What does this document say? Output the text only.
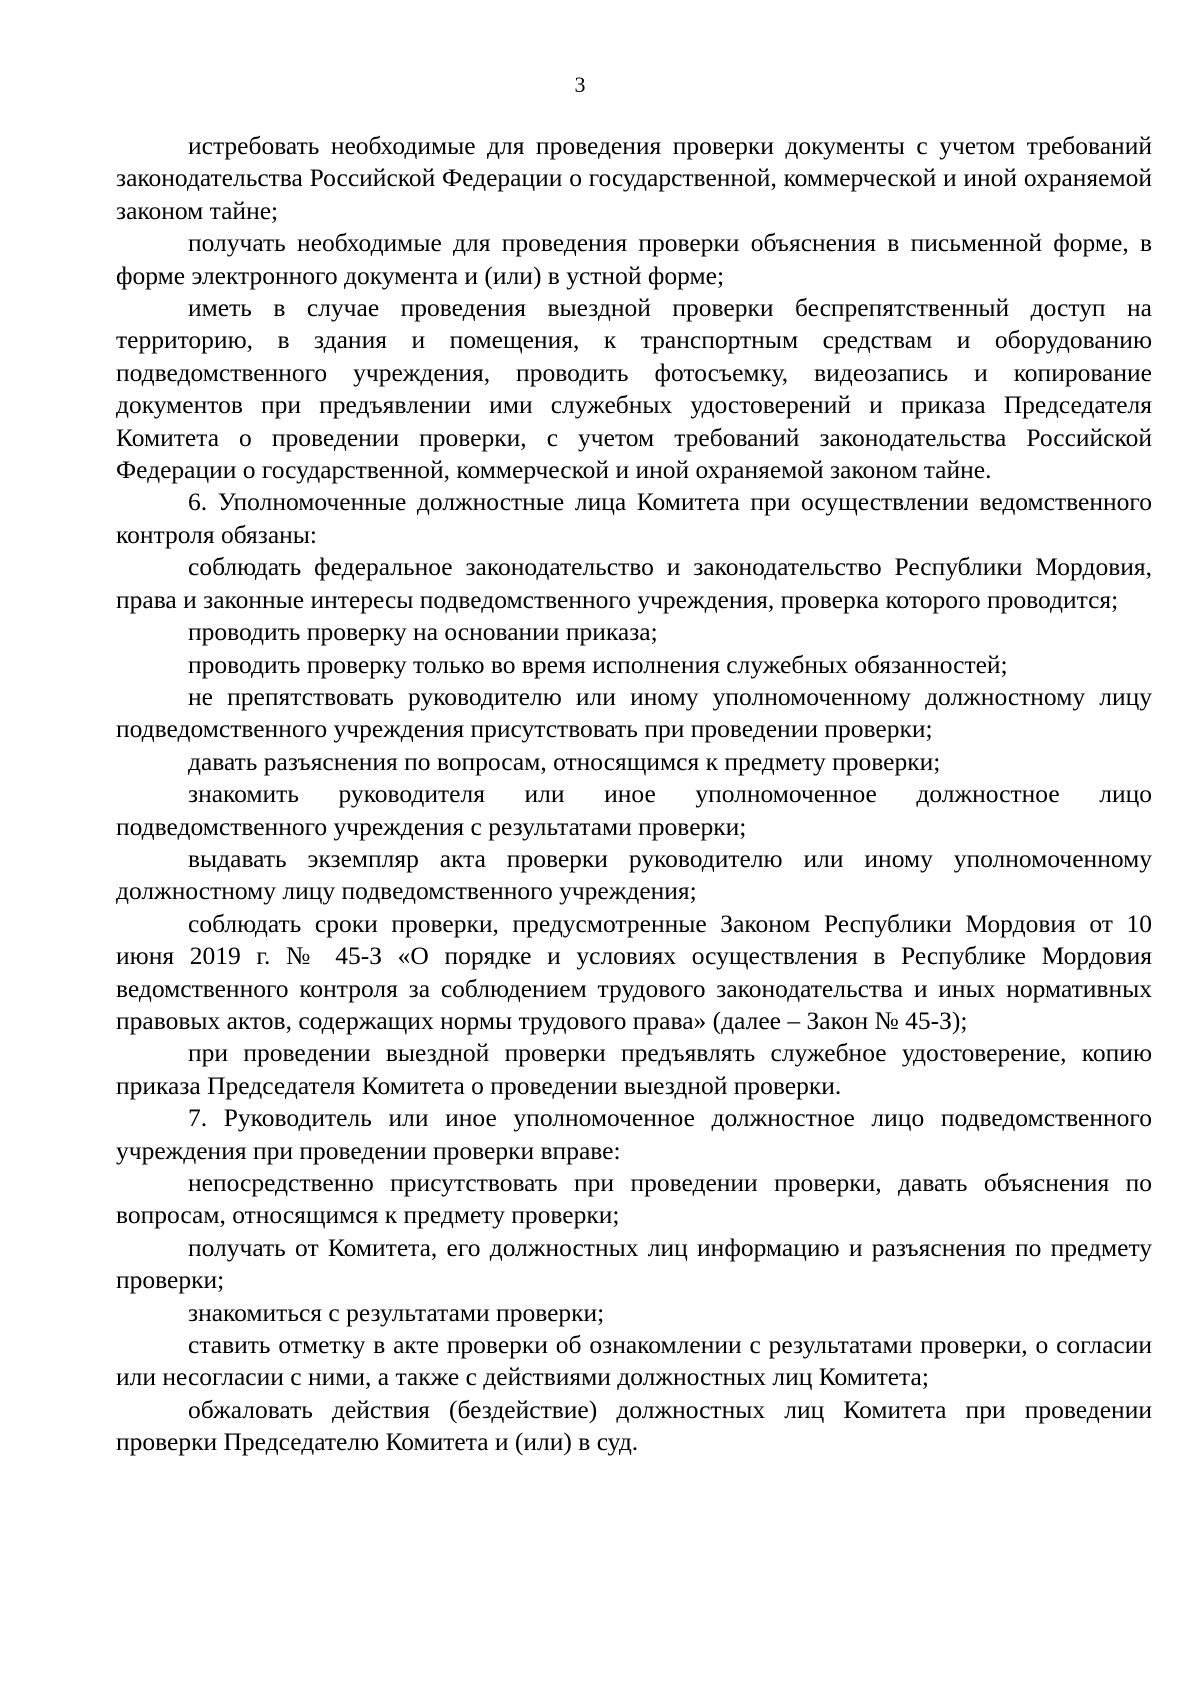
3

истребовать необходимые для проведения проверки документы с учетом требований законодательства Российской Федерации о государственной, коммерческой и иной охраняемой законом тайне;

получать необходимые для проведения проверки объяснения в письменной форме, в форме электронного документа и (или) в устной форме;

иметь в случае проведения выездной проверки беспрепятственный доступ на территорию, в здания и помещения, к транспортным средствам и оборудованию подведомственного учреждения, проводить фотосъемку, видеозапись и копирование документов при предъявлении ими служебных удостоверений и приказа Председателя Комитета о проведении проверки, с учетом требований законодательства Российской Федерации о государственной, коммерческой и иной охраняемой законом тайне.

6. Уполномоченные должностные лица Комитета при осуществлении ведомственного контроля обязаны:

соблюдать федеральное законодательство и законодательство Республики Мордовия, права и законные интересы подведомственного учреждения, проверка которого проводится;

проводить проверку на основании приказа;

проводить проверку только во время исполнения служебных обязанностей;

не препятствовать руководителю или иному уполномоченному должностному лицу подведомственного учреждения присутствовать при проведении проверки;

давать разъяснения по вопросам, относящимся к предмету проверки;

знакомить руководителя или иное уполномоченное должностное лицо подведомственного учреждения с результатами проверки;

выдавать экземпляр акта проверки руководителю или иному уполномоченному должностному лицу подведомственного учреждения;

соблюдать сроки проверки, предусмотренные Законом Республики Мордовия от 10 июня 2019 г. № 45-З «О порядке и условиях осуществления в Республике Мордовия ведомственного контроля за соблюдением трудового законодательства и иных нормативных правовых актов, содержащих нормы трудового права» (далее – Закон № 45-З);

при проведении выездной проверки предъявлять служебное удостоверение, копию приказа Председателя Комитета о проведении выездной проверки.

7. Руководитель или иное уполномоченное должностное лицо подведомственного учреждения при проведении проверки вправе:

непосредственно присутствовать при проведении проверки, давать объяснения по вопросам, относящимся к предмету проверки;

получать от Комитета, его должностных лиц информацию и разъяснения по предмету проверки;

знакомиться с результатами проверки;

ставить отметку в акте проверки об ознакомлении с результатами проверки, о согласии или несогласии с ними, а также с действиями должностных лиц Комитета;

обжаловать действия (бездействие) должностных лиц Комитета при проведении проверки Председателю Комитета и (или) в суд.
